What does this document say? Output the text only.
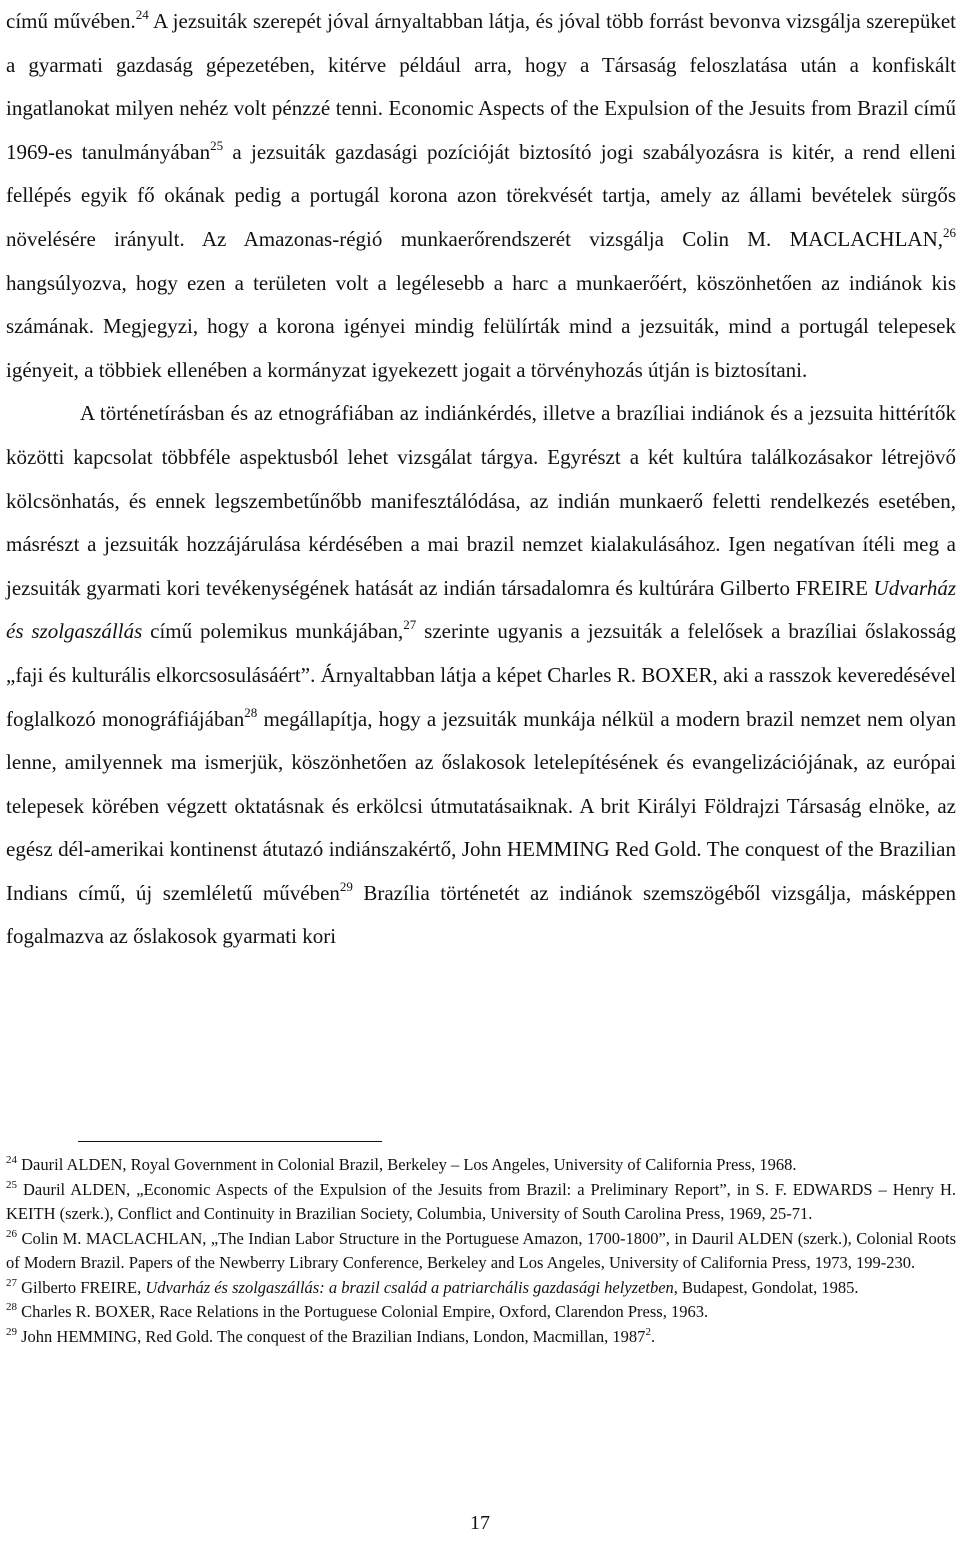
című művében.$^{24}$ A jezsuiták szerepét jóval árnyaltabban látja, és jóval több forrást bevonva vizsgálja szerepüket a gyarmati gazdaság gépezetében, kitérve például arra, hogy a Társaság feloszlatása után a konfiskált ingatlanokat milyen nehéz volt pénzzé tenni. Economic Aspects of the Expulsion of the Jesuits from Brazil című 1969-es tanulmányában$^{25}$ a jezsuiták gazdasági pozícióját biztosító jogi szabályozásra is kitér, a rend elleni fellépés egyik fő okának pedig a portugál korona azon törekvését tartja, amely az állami bevételek sürgős növelésére irányult. Az Amazonas-régió munkaerőrendszerét vizsgálja Colin M. MACLACHLAN,$^{26}$ hangsúlyozva, hogy ezen a területen volt a legélesebb a harc a munkaerőért, köszönhetően az indiánok kis számának. Megjegyzi, hogy a korona igényei mindig felülírták mind a jezsuiták, mind a portugál telepesek igényeit, a többiek ellenében a kormányzat igyekezett jogait a törvényhozás útján is biztosítani.

A történetírásban és az etnográfiában az indiánkérdés, illetve a brazíliai indiánok és a jezsuita hittérítők közötti kapcsolat többféle aspektusból lehet vizsgálat tárgya. Egyrészt a két kultúra találkozásakor létrejövő kölcsönhatás, és ennek legszembetűnőbb manifesztálódása, az indián munkaerő feletti rendelkezés esetében, másrészt a jezsuiták hozzájárulása kérdésében a mai brazil nemzet kialakulásához. Igen negatívan ítéli meg a jezsuiták gyarmati kori tevékenységének hatását az indián társadalomra és kultúrára Gilberto FREIRE Udvarház és szolgaszállás című polemikus munkájában,$^{27}$ szerinte ugyanis a jezsuiták a felelősek a brazíliai őslakosság „faji és kulturális elkorcsosulásáért”. Árnyaltabban látja a képet Charles R. BOXER, aki a rasszok keveredésével foglalkozó monográfiájában$^{28}$ megállapítja, hogy a jezsuiták munkája nélkül a modern brazil nemzet nem olyan lenne, amilyennek ma ismerjük, köszönhetően az őslakosok letelepítésének és evangelizációjának, az európai telepesek körében végzett oktatásnak és erkölcsi útmutatásaiknak. A brit Királyi Földrajzi Társaság elnöke, az egész dél-amerikai kontinenst átutazó indiánszakértő, John HEMMING Red Gold. The conquest of the Brazilian Indians című, új szemléletű művében$^{29}$ Brazília történetét az indiánok szemszögéből vizsgálja, másképpen fogalmazva az őslakosok gyarmati kori

$^{24}$ Dauril ALDEN, Royal Government in Colonial Brazil, Berkeley – Los Angeles, University of California Press, 1968.

$^{25}$ Dauril ALDEN, „Economic Aspects of the Expulsion of the Jesuits from Brazil: a Preliminary Report”, in S. F. EDWARDS – Henry H. KEITH (szerk.), Conflict and Continuity in Brazilian Society, Columbia, University of South Carolina Press, 1969, 25-71.

$^{26}$ Colin M. MACLACHLAN, „The Indian Labor Structure in the Portuguese Amazon, 1700-1800”, in Dauril ALDEN (szerk.), Colonial Roots of Modern Brazil. Papers of the Newberry Library Conference, Berkeley and Los Angeles, University of California Press, 1973, 199-230.

$^{27}$ Gilberto FREIRE, Udvarház és szolgaszállás: a brazil család a patriarchális gazdasági helyzetben, Budapest, Gondolat, 1985.

$^{28}$ Charles R. BOXER, Race Relations in the Portuguese Colonial Empire, Oxford, Clarendon Press, 1963.

$^{29}$ John HEMMING, Red Gold. The conquest of the Brazilian Indians, London, Macmillan, 1987$^2$.

17
